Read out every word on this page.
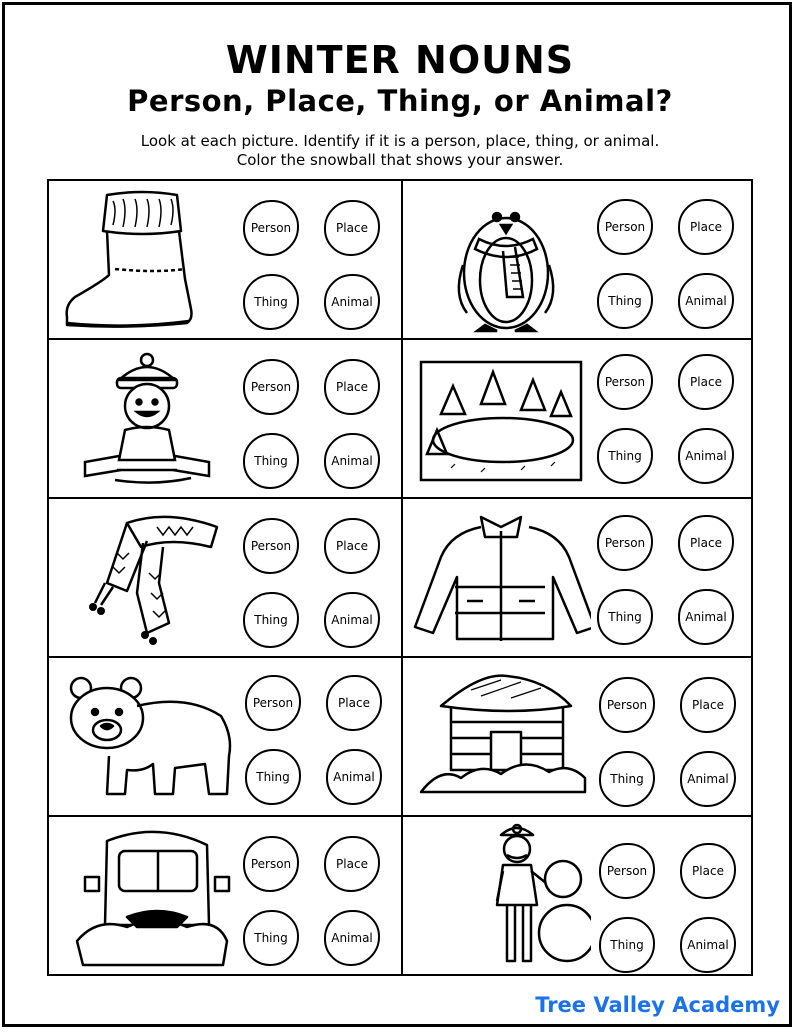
WINTER NOUNS
Person, Place, Thing, or Animal?
Look at each picture. Identify if it is a person, place, thing, or animal.
Color the snowball that shows your answer.
Person	Place
Thing	Animal
Person	Place
Thing	Animal
Person	Place
Thing	Animal
Person	Place
Thing	Animal
Person	Place
Thing	Animal
Person	Place
Thing	Animal
Person	Place
Thing	Animal
Person	Place
Thing	Animal
Person	Place
Thing	Animal
Person	Place
Thing	Animal
Tree Valley Academy
